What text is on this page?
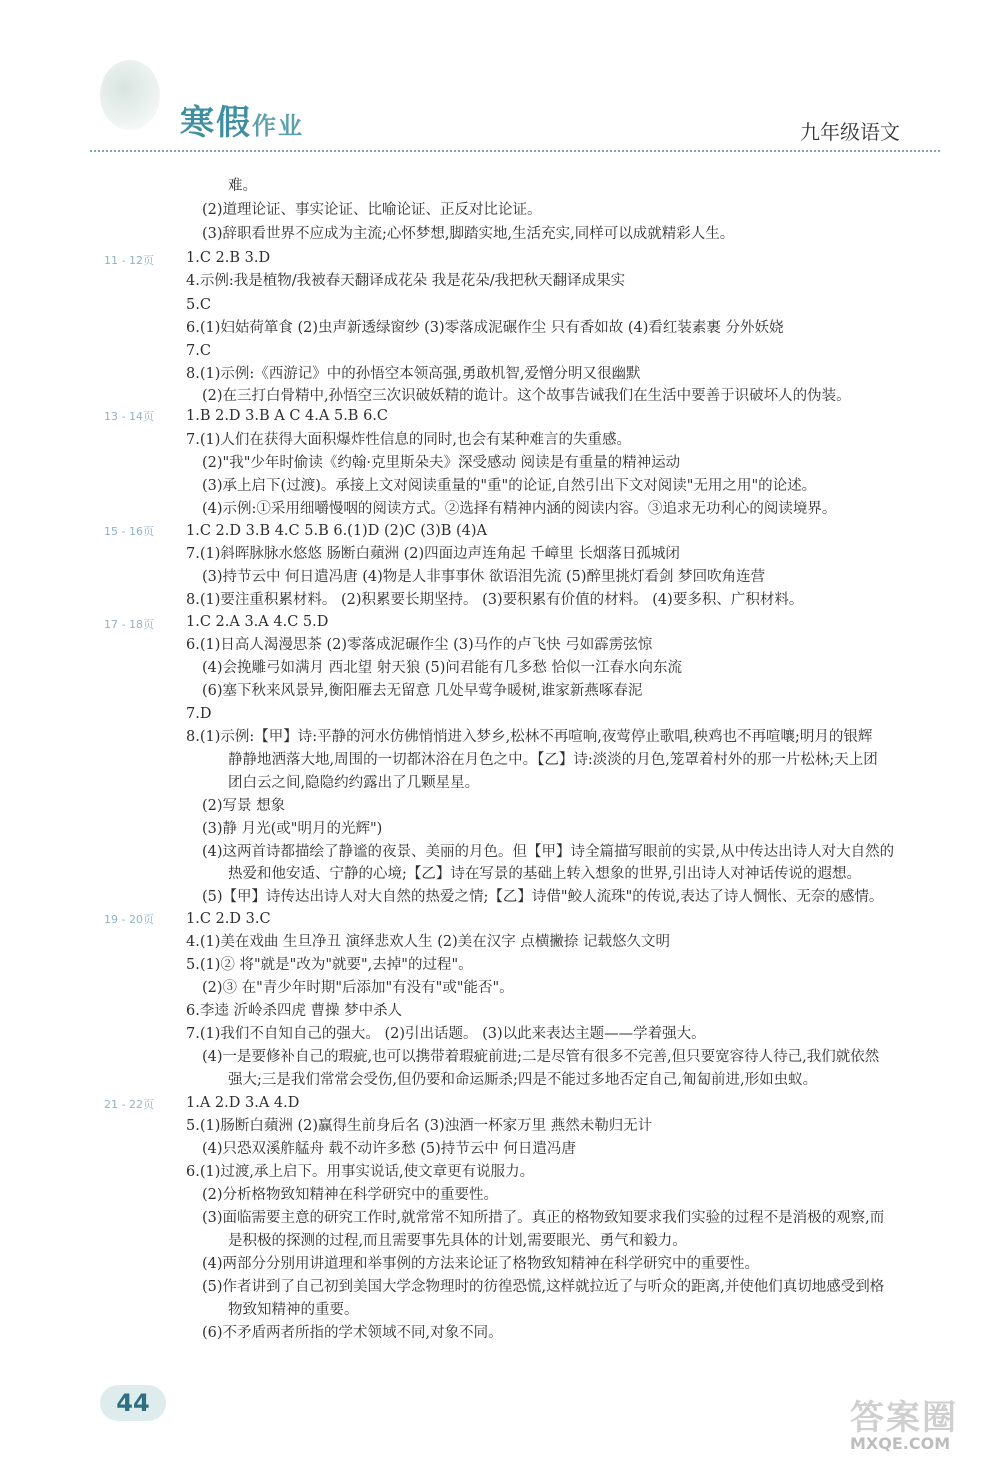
寒假作业	九年级语文
11 - 12页
13 - 14页
15 - 16页
17 - 18页
19 - 20页
21 - 22页
难。
(2)道理论证、事实论证、比喻论证、正反对比论证。
(3)辞职看世界不应成为主流;心怀梦想,脚踏实地,生活充实,同样可以成就精彩人生。
1.C 2.B 3.D
4.示例:我是植物/我被春天翻译成花朵 我是花朵/我把秋天翻译成果实
5.C
6.(1)妇姑荷箪食 (2)虫声新透绿窗纱 (3)零落成泥碾作尘 只有香如故 (4)看红装素裹 分外妖娆
7.C
8.(1)示例:《西游记》中的孙悟空本领高强,勇敢机智,爱憎分明又很幽默
(2)在三打白骨精中,孙悟空三次识破妖精的诡计。这个故事告诫我们在生活中要善于识破坏人的伪装。
1.B 2.D 3.B A C 4.A 5.B 6.C
7.(1)人们在获得大面积爆炸性信息的同时,也会有某种难言的失重感。
(2)"我"少年时偷读《约翰·克里斯朵夫》深受感动 阅读是有重量的精神运动
(3)承上启下(过渡)。承接上文对阅读重量的"重"的论证,自然引出下文对阅读"无用之用"的论述。
(4)示例:①采用细嚼慢咽的阅读方式。②选择有精神内涵的阅读内容。③追求无功利心的阅读境界。
1.C 2.D 3.B 4.C 5.B 6.(1)D (2)C (3)B (4)A
7.(1)斜晖脉脉水悠悠 肠断白蘋洲 (2)四面边声连角起 千嶂里 长烟落日孤城闭
(3)持节云中 何日遣冯唐 (4)物是人非事事休 欲语泪先流 (5)醉里挑灯看剑 梦回吹角连营
8.(1)要注重积累材料。 (2)积累要长期坚持。 (3)要积累有价值的材料。 (4)要多积、广积材料。
1.C 2.A 3.A 4.C 5.D
6.(1)日高人渴漫思茶 (2)零落成泥碾作尘 (3)马作的卢飞快 弓如霹雳弦惊
(4)会挽雕弓如满月 西北望 射天狼 (5)问君能有几多愁 恰似一江春水向东流
(6)塞下秋来风景异,衡阳雁去无留意 几处早莺争暖树,谁家新燕啄春泥
7.D
8.(1)示例:【甲】诗:平静的河水仿佛悄悄进入梦乡,松林不再喧响,夜莺停止歌唱,秧鸡也不再喧嚷;明月的银辉
静静地洒落大地,周围的一切都沐浴在月色之中。【乙】诗:淡淡的月色,笼罩着村外的那一片松林;天上团
团白云之间,隐隐约约露出了几颗星星。
(2)写景 想象
(3)静 月光(或"明月的光辉")
(4)这两首诗都描绘了静谧的夜景、美丽的月色。但【甲】诗全篇描写眼前的实景,从中传达出诗人对大自然的
热爱和他安适、宁静的心境;【乙】诗在写景的基础上转入想象的世界,引出诗人对神话传说的遐想。
(5)【甲】诗传达出诗人对大自然的热爱之情;【乙】诗借"鲛人流珠"的传说,表达了诗人惆怅、无奈的感情。
1.C 2.D 3.C
4.(1)美在戏曲 生旦净丑 演绎悲欢人生 (2)美在汉字 点横撇捺 记载悠久文明
5.(1)② 将"就是"改为"就要",去掉"的过程"。
(2)③ 在"青少年时期"后添加"有没有"或"能否"。
6.李逵 沂岭杀四虎 曹操 梦中杀人
7.(1)我们不自知自己的强大。 (2)引出话题。 (3)以此来表达主题——学着强大。
(4)一是要修补自己的瑕疵,也可以携带着瑕疵前进;二是尽管有很多不完善,但只要宽容待人待己,我们就依然
强大;三是我们常常会受伤,但仍要和命运厮杀;四是不能过多地否定自己,匍匐前进,形如虫蚁。
1.A 2.D 3.A 4.D
5.(1)肠断白蘋洲 (2)赢得生前身后名 (3)浊酒一杯家万里 燕然未勒归无计
(4)只恐双溪舴艋舟 载不动许多愁 (5)持节云中 何日遣冯唐
6.(1)过渡,承上启下。用事实说话,使文章更有说服力。
(2)分析格物致知精神在科学研究中的重要性。
(3)面临需要主意的研究工作时,就常常不知所措了。真正的格物致知要求我们实验的过程不是消极的观察,而
是积极的探测的过程,而且需要事先具体的计划,需要眼光、勇气和毅力。
(4)两部分分别用讲道理和举事例的方法来论证了格物致知精神在科学研究中的重要性。
(5)作者讲到了自己初到美国大学念物理时的彷徨恐慌,这样就拉近了与听众的距离,并使他们真切地感受到格
物致知精神的重要。
(6)不矛盾两者所指的学术领域不同,对象不同。
44	答案圈
MXQE.COM
